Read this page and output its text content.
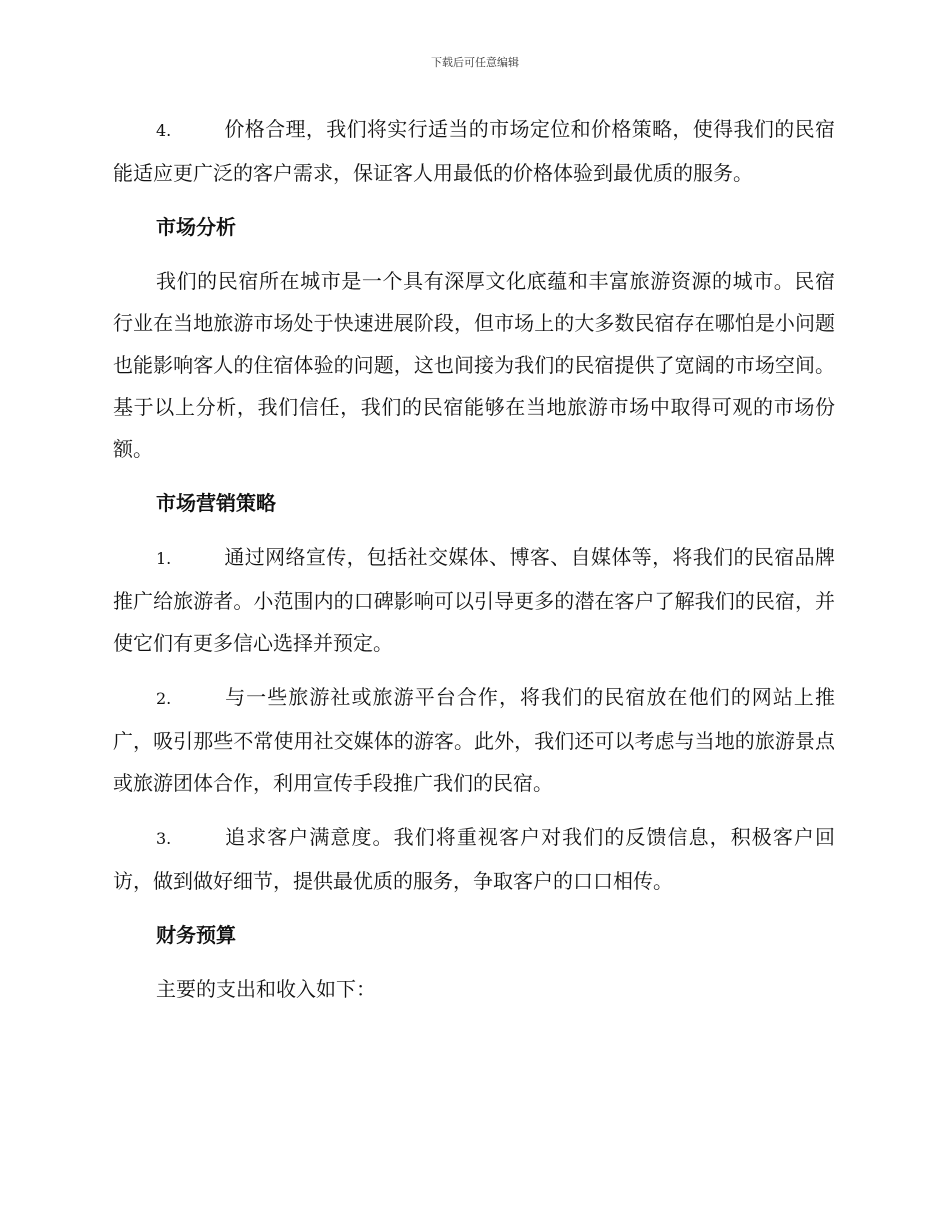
下载后可任意编辑

4.	价格合理，我们将实行适当的市场定位和价格策略，使得我们的民宿能适应更广泛的客户需求，保证客人用最低的价格体验到最优质的服务。

市场分析

我们的民宿所在城市是一个具有深厚文化底蕴和丰富旅游资源的城市。民宿行业在当地旅游市场处于快速进展阶段，但市场上的大多数民宿存在哪怕是小问题也能影响客人的住宿体验的问题，这也间接为我们的民宿提供了宽阔的市场空间。基于以上分析，我们信任，我们的民宿能够在当地旅游市场中取得可观的市场份额。

市场营销策略

1.	通过网络宣传，包括社交媒体、博客、自媒体等，将我们的民宿品牌推广给旅游者。小范围内的口碑影响可以引导更多的潜在客户了解我们的民宿，并使它们有更多信心选择并预定。

2.	与一些旅游社或旅游平台合作，将我们的民宿放在他们的网站上推广，吸引那些不常使用社交媒体的游客。此外，我们还可以考虑与当地的旅游景点或旅游团体合作，利用宣传手段推广我们的民宿。

3.	追求客户满意度。我们将重视客户对我们的反馈信息，积极客户回访，做到做好细节，提供最优质的服务，争取客户的口口相传。

财务预算

主要的支出和收入如下：
